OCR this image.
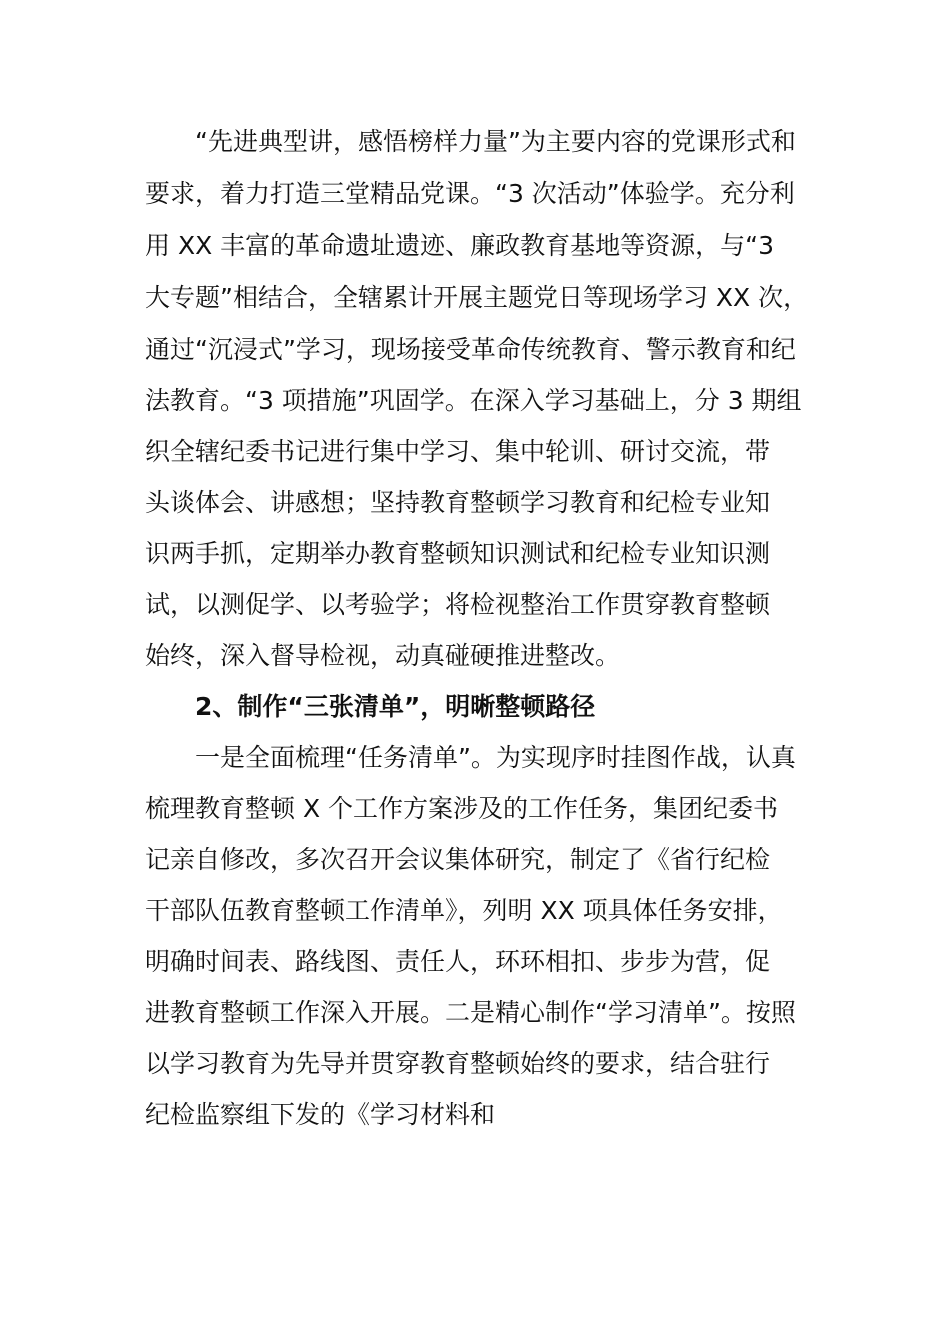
“先进典型讲，感悟榜样力量”为主要内容的党课形式和
要求，着力打造三堂精品党课。“3 次活动”体验学。充分利
用 XX 丰富的革命遗址遗迹、廉政教育基地等资源，与“3
大专题”相结合，全辖累计开展主题党日等现场学习 XX 次，
通过“沉浸式”学习，现场接受革命传统教育、警示教育和纪
法教育。“3 项措施”巩固学。在深入学习基础上，分 3 期组
织全辖纪委书记进行集中学习、集中轮训、研讨交流，带
头谈体会、讲感想；坚持教育整顿学习教育和纪检专业知
识两手抓，定期举办教育整顿知识测试和纪检专业知识测
试，以测促学、以考验学；将检视整治工作贯穿教育整顿
始终，深入督导检视，动真碰硬推进整改。
2、制作“三张清单”，明晰整顿路径
一是全面梳理“任务清单”。为实现序时挂图作战，认真
梳理教育整顿 X 个工作方案涉及的工作任务，集团纪委书
记亲自修改，多次召开会议集体研究，制定了《省行纪检
干部队伍教育整顿工作清单》，列明 XX 项具体任务安排，
明确时间表、路线图、责任人，环环相扣、步步为营，促
进教育整顿工作深入开展。二是精心制作“学习清单”。按照
以学习教育为先导并贯穿教育整顿始终的要求，结合驻行
纪检监察组下发的《学习材料和
